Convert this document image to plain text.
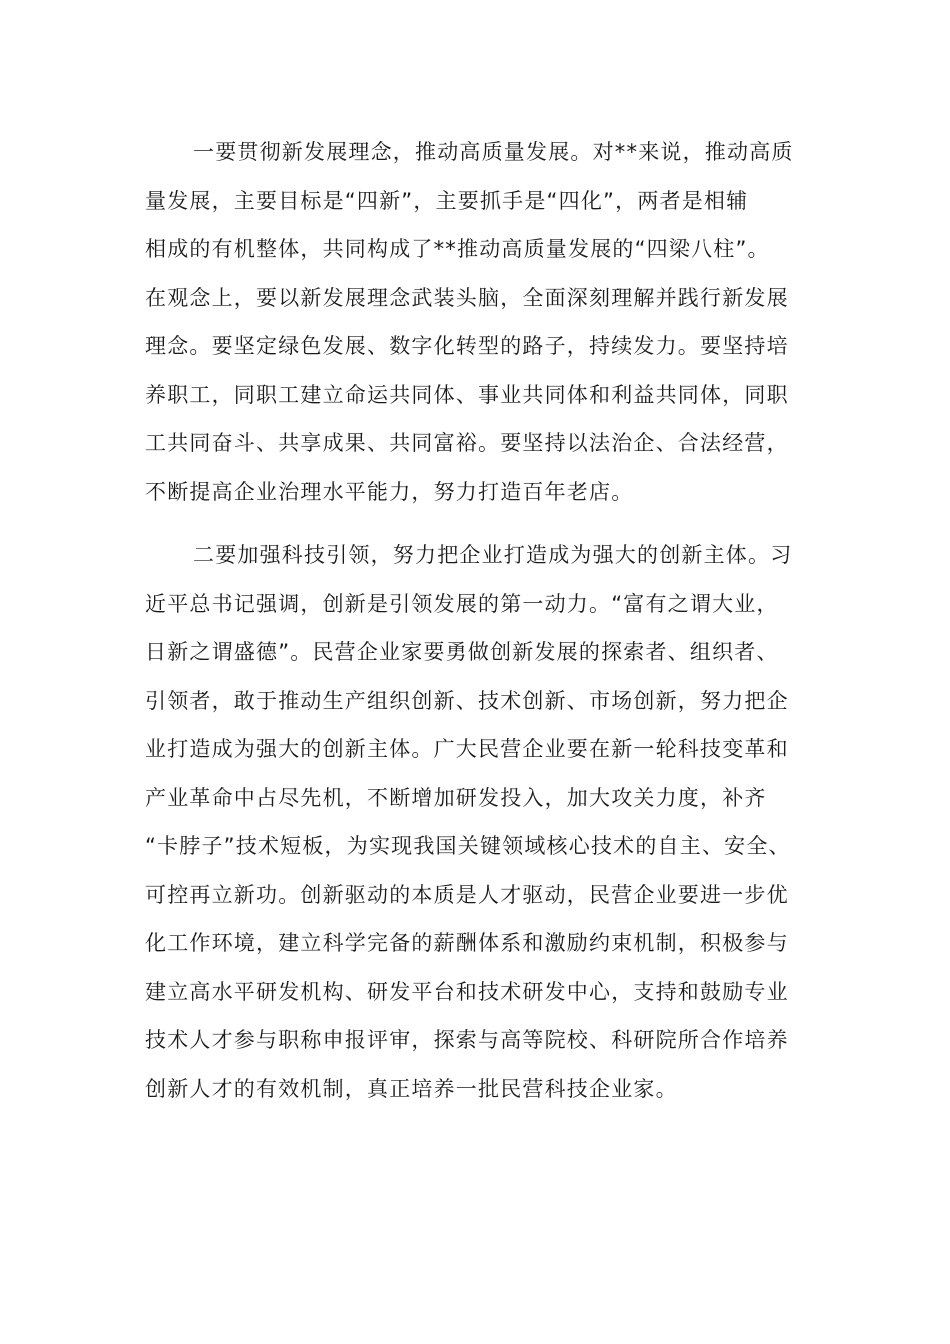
一要贯彻新发展理念，推动高质量发展。对**来说，推动高质
量发展，主要目标是“四新”，主要抓手是“四化”，两者是相辅
相成的有机整体，共同构成了**推动高质量发展的“四梁八柱”。
在观念上，要以新发展理念武装头脑，全面深刻理解并践行新发展
理念。要坚定绿色发展、数字化转型的路子，持续发力。要坚持培
养职工，同职工建立命运共同体、事业共同体和利益共同体，同职
工共同奋斗、共享成果、共同富裕。要坚持以法治企、合法经营，
不断提高企业治理水平能力，努力打造百年老店。

二要加强科技引领，努力把企业打造成为强大的创新主体。习
近平总书记强调，创新是引领发展的第一动力。“富有之谓大业，
日新之谓盛德”。民营企业家要勇做创新发展的探索者、组织者、
引领者，敢于推动生产组织创新、技术创新、市场创新，努力把企
业打造成为强大的创新主体。广大民营企业要在新一轮科技变革和
产业革命中占尽先机，不断增加研发投入，加大攻关力度，补齐
“卡脖子”技术短板，为实现我国关键领域核心技术的自主、安全、
可控再立新功。创新驱动的本质是人才驱动，民营企业要进一步优
化工作环境，建立科学完备的薪酬体系和激励约束机制，积极参与
建立高水平研发机构、研发平台和技术研发中心，支持和鼓励专业
技术人才参与职称申报评审，探索与高等院校、科研院所合作培养
创新人才的有效机制，真正培养一批民营科技企业家。
